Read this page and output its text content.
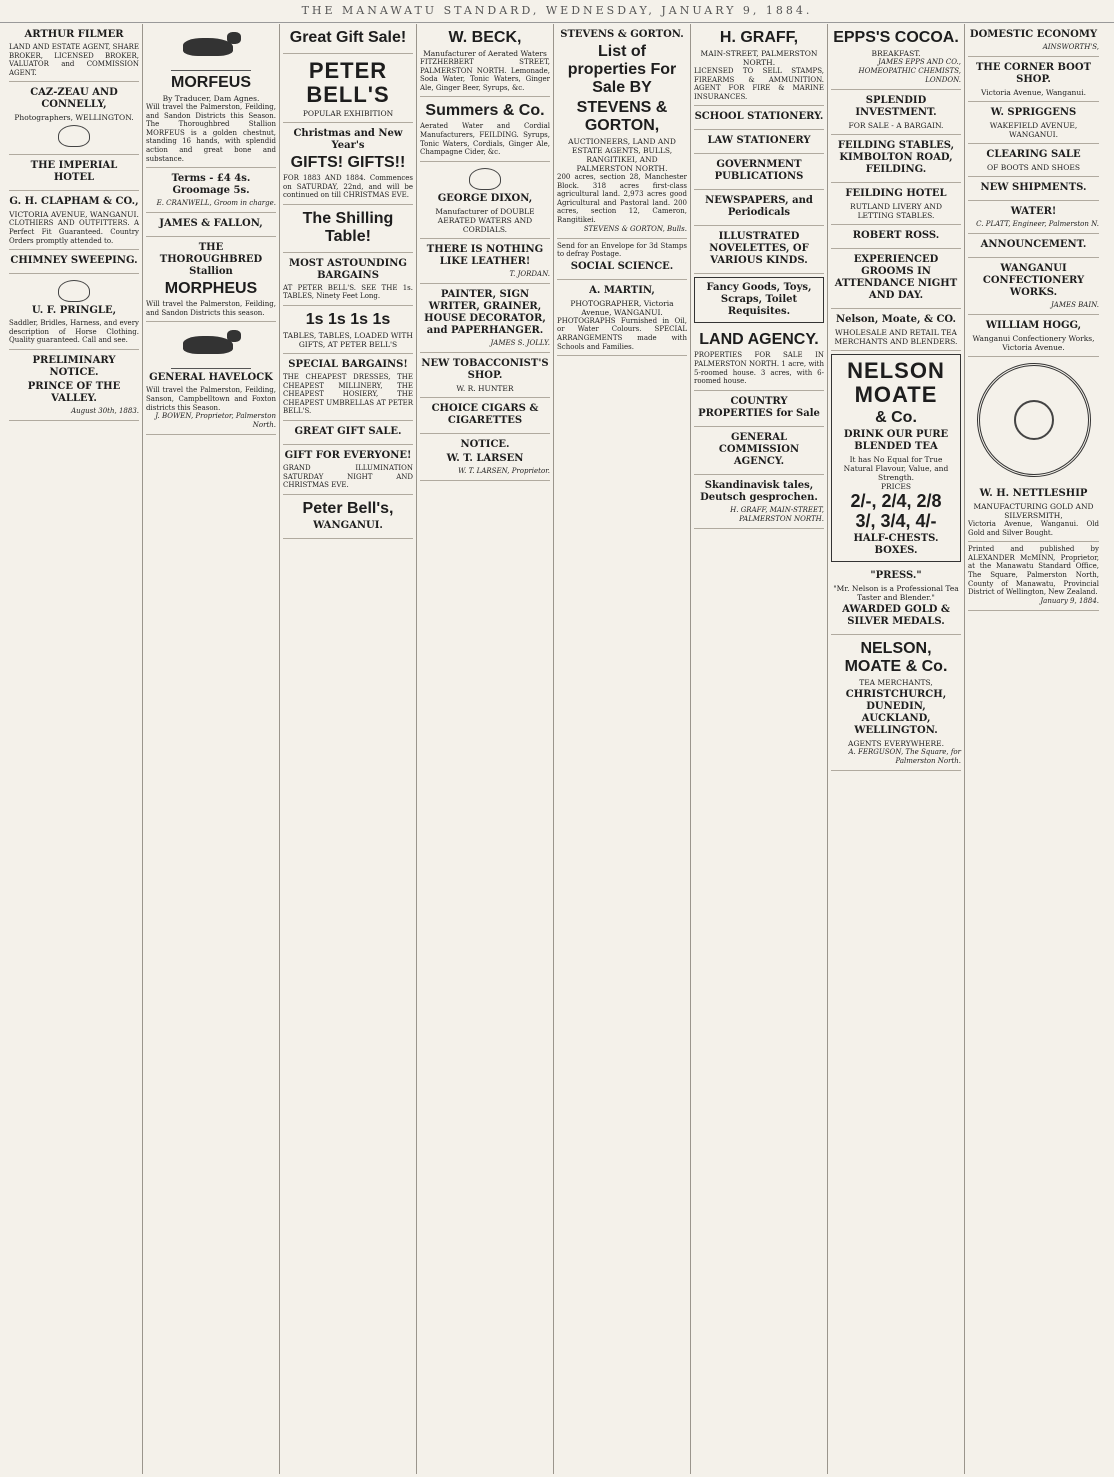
THE MANAWATU STANDARD, WEDNESDAY, JANUARY 9, 1884.
ARTHUR FILMER
LAND AND ESTATE AGENT, SHARE BROKER, LICENSED BROKER, VALUATOR and COMMISSION AGENT.
CAZ-ZEAU AND CONNELLY,
Photographers, WELLINGTON.
THE IMPERIAL HOTEL
G. H. CLAPHAM & CO.,
VICTORIA AVENUE, WANGANUI.
CLOTHIERS AND OUTFITTERS. A Perfect Fit Guaranteed. Country Orders promptly attended to.
CHIMNEY SWEEPING.
U. F. PRINGLE,
Saddler, Bridles, Harness, and every description of Horse Clothing. Quality guaranteed. Call and see.
PRELIMINARY NOTICE.
PRINCE OF THE VALLEY.
August 30th, 1883.
MORFEUS
By Traducer, Dam Agnes.
Will travel the Palmerston, Feilding, and Sandon Districts this Season. The Thoroughbred Stallion MORFEUS is a golden chestnut, standing 16 hands, with splendid action and great bone and substance.
Terms - £4 4s. Groomage 5s.
E. CRANWELL, Groom in charge.
JAMES & FALLON,
THE THOROUGHBRED Stallion
MORPHEUS
Will travel the Palmerston, Feilding, and Sandon Districts this season.
GENERAL HAVELOCK
Will travel the Palmerston, Feilding, Sanson, Campbelltown and Foxton districts this Season.
J. BOWEN, Proprietor, Palmerston North.
Great Gift Sale!
PETER BELL'S
POPULAR EXHIBITION
Christmas and New Year's
GIFTS! GIFTS!!
FOR 1883 AND 1884. Commences on SATURDAY, 22nd, and will be continued on till CHRISTMAS EVE.
The Shilling Table!
MOST ASTOUNDING BARGAINS
AT PETER BELL'S. SEE THE 1s. TABLES, Ninety Feet Long.
1s 1s 1s 1s
TABLES, TABLES, LOADED WITH GIFTS, AT PETER BELL'S
SPECIAL BARGAINS!
THE CHEAPEST DRESSES, THE CHEAPEST MILLINERY, THE CHEAPEST HOSIERY, THE CHEAPEST UMBRELLAS AT PETER BELL'S.
GREAT GIFT SALE.
GIFT FOR EVERYONE!
GRAND ILLUMINATION SATURDAY NIGHT AND CHRISTMAS EVE.
Peter Bell's,
WANGANUI.
W. BECK,
Manufacturer of Aerated Waters
FITZHERBERT STREET, PALMERSTON NORTH. Lemonade, Soda Water, Tonic Waters, Ginger Ale, Ginger Beer, Syrups, &c.
Summers & Co.
Aerated Water and Cordial Manufacturers, FEILDING. Syrups, Tonic Waters, Cordials, Ginger Ale, Champagne Cider, &c.
GEORGE DIXON,
Manufacturer of DOUBLE AERATED WATERS AND CORDIALS.
THERE IS NOTHING LIKE LEATHER!
T. JORDAN.
PAINTER, SIGN WRITER, GRAINER, HOUSE DECORATOR, and PAPERHANGER.
JAMES S. JOLLY.
NEW TOBACCONIST'S SHOP.
W. R. HUNTER
CHOICE CIGARS & CIGARETTES
NOTICE.
W. T. LARSEN
W. T. LARSEN, Proprietor.
STEVENS & GORTON.
List of properties For Sale BY
STEVENS & GORTON,
AUCTIONEERS, LAND AND ESTATE AGENTS, BULLS, RANGITIKEI, AND PALMERSTON NORTH.
200 acres, section 28, Manchester Block. 318 acres first-class agricultural land. 2,973 acres good Agricultural and Pastoral land. 200 acres, section 12, Cameron, Rangitikei.
STEVENS & GORTON, Bulls.
Send for an Envelope for 3d Stamps to defray Postage.
SOCIAL SCIENCE.
A. MARTIN,
PHOTOGRAPHER, Victoria Avenue, WANGANUI.
PHOTOGRAPHS Furnished in Oil, or Water Colours. SPECIAL ARRANGEMENTS made with Schools and Families.
H. GRAFF,
MAIN-STREET, PALMERSTON NORTH.
LICENSED TO SELL STAMPS, FIREARMS & AMMUNITION. AGENT FOR FIRE & MARINE INSURANCES.
SCHOOL STATIONERY.
LAW STATIONERY
GOVERNMENT PUBLICATIONS
NEWSPAPERS, and Periodicals
ILLUSTRATED NOVELETTES, OF VARIOUS KINDS.
Fancy Goods, Toys, Scraps, Toilet Requisites.
LAND AGENCY.
PROPERTIES FOR SALE IN PALMERSTON NORTH. 1 acre, with 5-roomed house. 3 acres, with 6-roomed house.
COUNTRY PROPERTIES for Sale
GENERAL COMMISSION AGENCY.
Skandinavisk tales, Deutsch gesprochen.
H. GRAFF, MAIN-STREET, PALMERSTON NORTH.
EPPS'S COCOA.
BREAKFAST.
JAMES EPPS AND CO., HOMEOPATHIC CHEMISTS, LONDON.
SPLENDID INVESTMENT.
FOR SALE - A BARGAIN.
FEILDING STABLES, KIMBOLTON ROAD, FEILDING.
FEILDING HOTEL
RUTLAND LIVERY AND LETTING STABLES.
ROBERT ROSS.
EXPERIENCED GROOMS IN ATTENDANCE NIGHT AND DAY.
Nelson, Moate, & CO.
WHOLESALE AND RETAIL TEA MERCHANTS AND BLENDERS.
NELSON MOATE
& Co.
DRINK OUR PURE BLENDED TEA
It has No Equal for True Natural Flavour, Value, and Strength.
PRICES
2/-, 2/4, 2/8
3/, 3/4, 4/-
HALF-CHESTS. BOXES.
"PRESS."
"Mr. Nelson is a Professional Tea Taster and Blender."
AWARDED GOLD & SILVER MEDALS.
NELSON, MOATE & Co.
TEA MERCHANTS,
CHRISTCHURCH, DUNEDIN, AUCKLAND, WELLINGTON.
AGENTS EVERYWHERE.
A. FERGUSON, The Square, for Palmerston North.
DOMESTIC ECONOMY
AINSWORTH'S,
THE CORNER BOOT SHOP.
Victoria Avenue, Wanganui.
W. SPRIGGENS
WAKEFIELD AVENUE, WANGANUI.
CLEARING SALE
OF BOOTS AND SHOES
NEW SHIPMENTS.
WATER!
C. PLATT, Engineer, Palmerston N.
ANNOUNCEMENT.
WANGANUI CONFECTIONERY WORKS.
JAMES BAIN.
WILLIAM HOGG,
Wanganui Confectionery Works, Victoria Avenue.
W. H. NETTLESHIP
MANUFACTURING GOLD AND SILVERSMITH,
Victoria Avenue, Wanganui. Old Gold and Silver Bought.
Printed and published by ALEXANDER McMINN, Proprietor, at the Manawatu Standard Office, The Square, Palmerston North, County of Manawatu, Provincial District of Wellington, New Zealand.
January 9, 1884.
